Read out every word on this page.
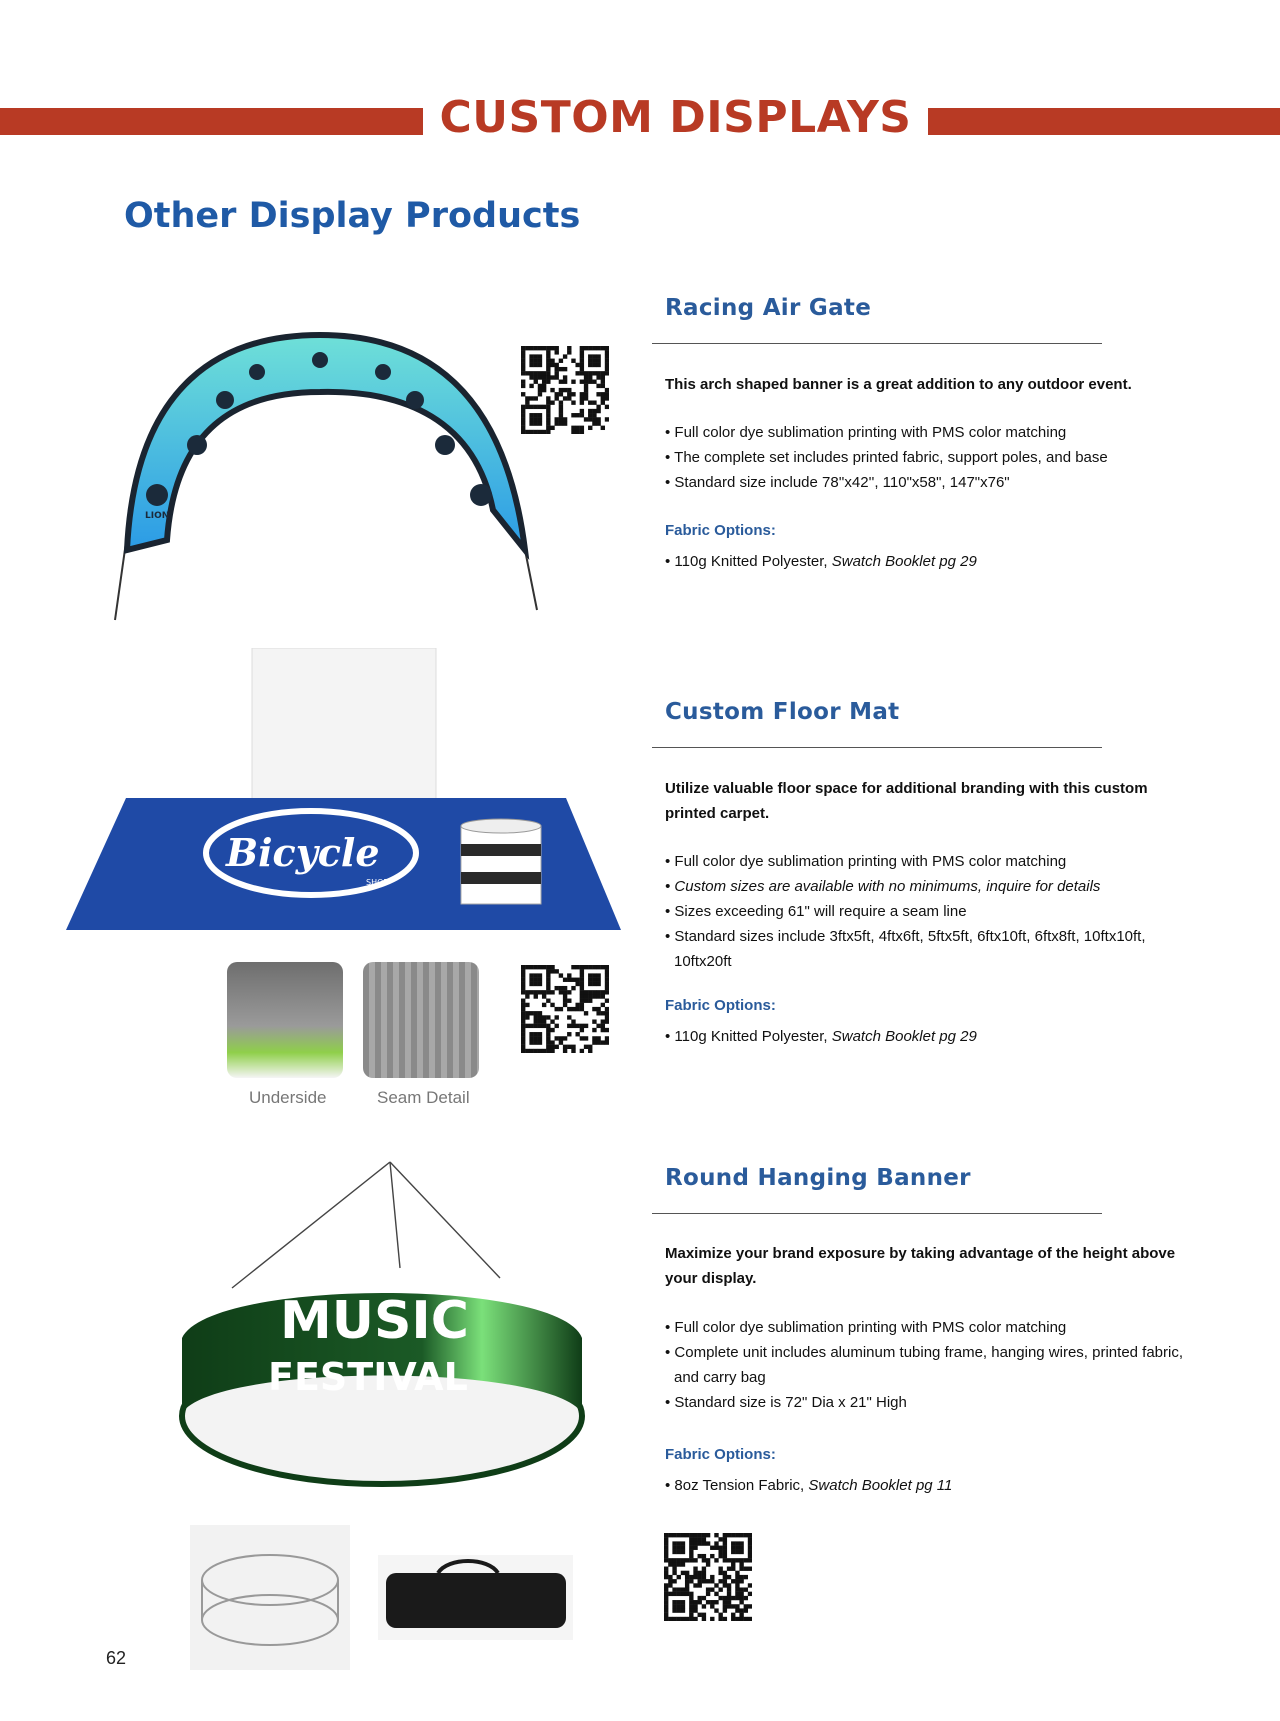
CUSTOM DISPLAYS
Other Display Products
LION
Racing Air Gate
This arch shaped banner is a great addition to any outdoor event.
• Full color dye sublimation printing with PMS color matching
• The complete set includes printed fabric, support poles, and base
• Standard size include 78''x42'', 110"x58", 147"x76"
Fabric Options:
• 110g Knitted Polyester, Swatch Booklet pg 29
Bicycle
SHOP
Underside	Seam Detail
Custom Floor Mat
Utilize valuable floor space for additional branding with this custom printed carpet.
• Full color dye sublimation printing with PMS color matching
• Custom sizes are available with no minimums, inquire for details
• Sizes exceeding 61" will require a seam line
• Standard sizes include 3ftx5ft, 4ftx6ft, 5ftx5ft, 6ftx10ft, 6ftx8ft, 10ftx10ft, 10ftx20ft
Fabric Options:
• 110g Knitted Polyester, Swatch Booklet pg 29
MUSIC
FESTIVAL
62
Round Hanging Banner
Maximize your brand exposure by taking advantage of the height above your display.
• Full color dye sublimation printing with PMS color matching
• Complete unit includes aluminum tubing frame, hanging wires, printed fabric, and carry bag
• Standard size is 72" Dia x 21" High
Fabric Options:
• 8oz Tension Fabric, Swatch Booklet pg 11
